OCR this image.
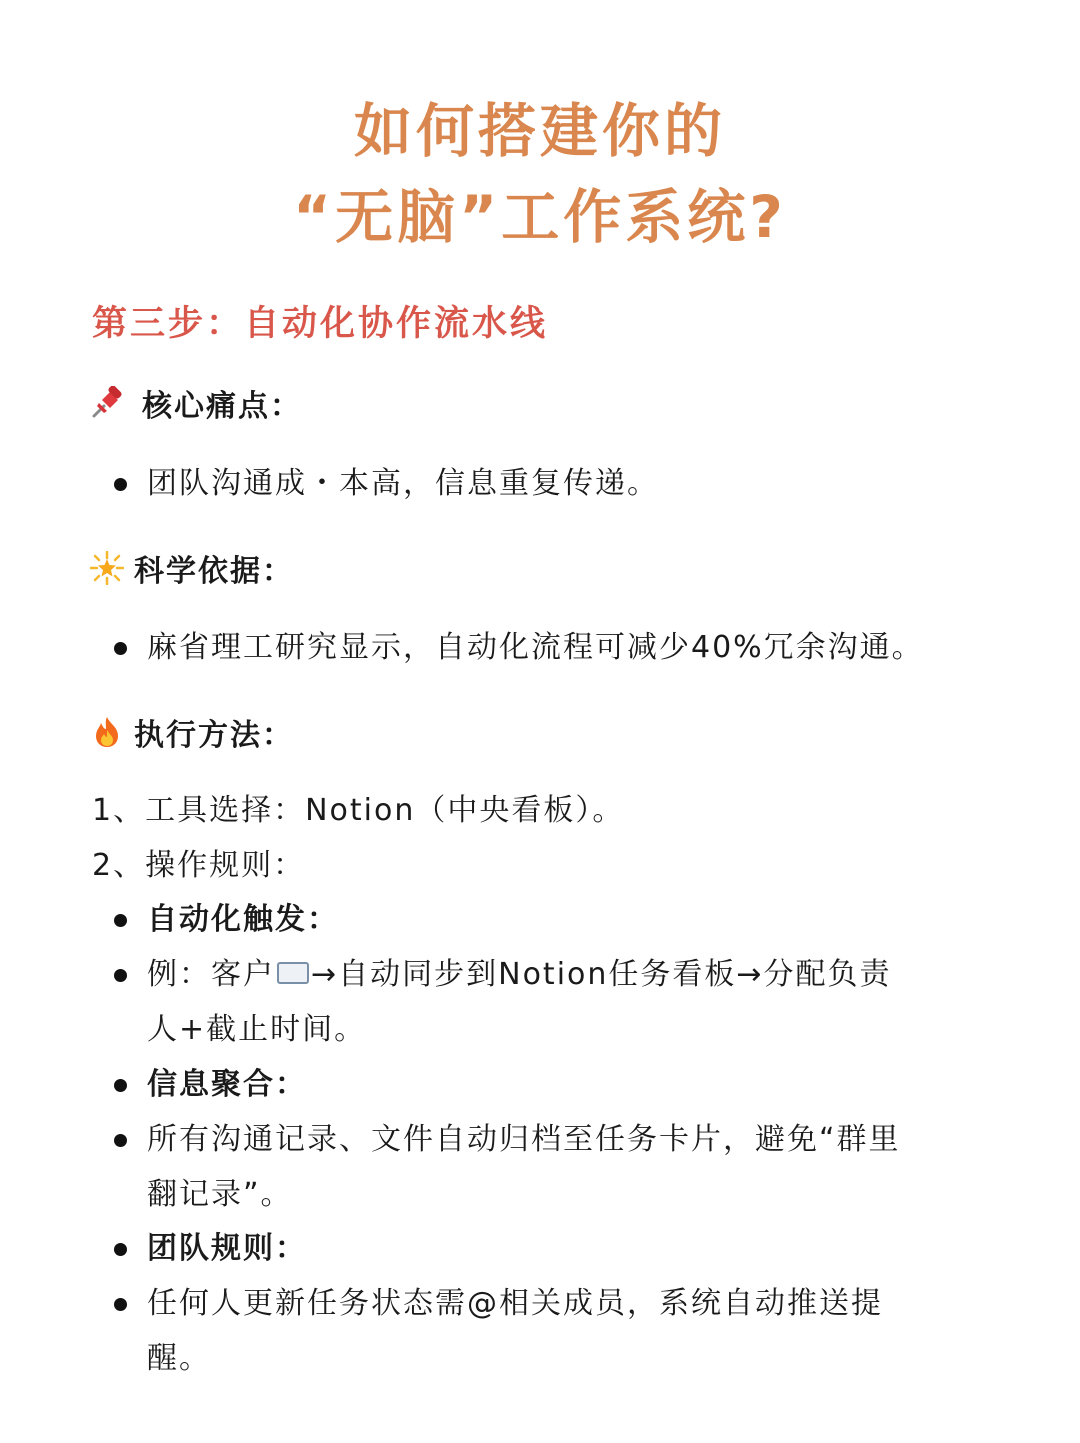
如何搭建你的
“无脑”工作系统?
第三步：自动化协作流水线
核心痛点：
团队沟通成・本高，信息重复传递。
科学依据：
麻省理工研究显示，自动化流程可减少40%冗余沟通。
执行方法：
1、工具选择：Notion（中央看板）。
2、操作规则：
自动化触发：
例：客户 →自动同步到Notion任务看板→分配负责
人+截止时间。
信息聚合：
所有沟通记录、文件自动归档至任务卡片，避免“群里
翻记录”。
团队规则：
任何人更新任务状态需@相关成员，系统自动推送提
醒。
